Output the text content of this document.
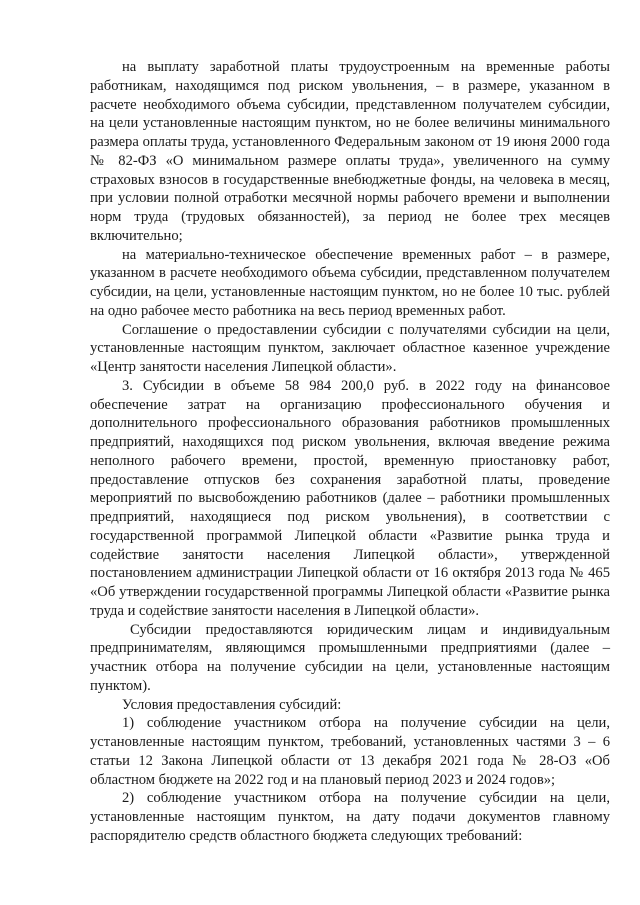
на выплату заработной платы трудоустроенным на временные работы работникам, находящимся под риском увольнения, – в размере, указанном в расчете необходимого объема субсидии, представленном получателем субсидии, на цели установленные настоящим пунктом, но не более величины минимального размера оплаты труда, установленного Федеральным законом от 19 июня 2000 года № 82-ФЗ «О минимальном размере оплаты труда», увеличенного на сумму страховых взносов в государственные внебюджетные фонды, на человека в месяц, при условии полной отработки месячной нормы рабочего времени и выполнении норм труда (трудовых обязанностей), за период не более трех месяцев включительно;

на материально-техническое обеспечение временных работ – в размере, указанном в расчете необходимого объема субсидии, представленном получателем субсидии, на цели, установленные настоящим пунктом, но не более 10 тыс. рублей на одно рабочее место работника на весь период временных работ.

Соглашение о предоставлении субсидии с получателями субсидии на цели, установленные настоящим пунктом, заключает областное казенное учреждение «Центр занятости населения Липецкой области».

3. Субсидии в объеме 58 984 200,0 руб. в 2022 году на финансовое обеспечение затрат на организацию профессионального обучения и дополнительного профессионального образования работников промышленных предприятий, находящихся под риском увольнения, включая введение режима неполного рабочего времени, простой, временную приостановку работ, предоставление отпусков без сохранения заработной платы, проведение мероприятий по высвобождению работников (далее – работники промышленных предприятий, находящиеся под риском увольнения), в соответствии с государственной программой Липецкой области «Развитие рынка труда и содействие занятости населения Липецкой области», утвержденной постановлением администрации Липецкой области от 16 октября 2013 года № 465 «Об утверждении государственной программы Липецкой области «Развитие рынка труда и содействие занятости населения в Липецкой области».

Субсидии предоставляются юридическим лицам и индивидуальным предпринимателям, являющимся промышленными предприятиями (далее – участник отбора на получение субсидии на цели, установленные настоящим пунктом).

Условия предоставления субсидий:

1) соблюдение участником отбора на получение субсидии на цели, установленные настоящим пунктом, требований, установленных частями 3 – 6 статьи 12 Закона Липецкой области от 13 декабря 2021 года № 28-ОЗ «Об областном бюджете на 2022 год и на плановый период 2023 и 2024 годов»;

2) соблюдение участником отбора на получение субсидии на цели, установленные настоящим пунктом, на дату подачи документов главному распорядителю средств областного бюджета следующих требований:
